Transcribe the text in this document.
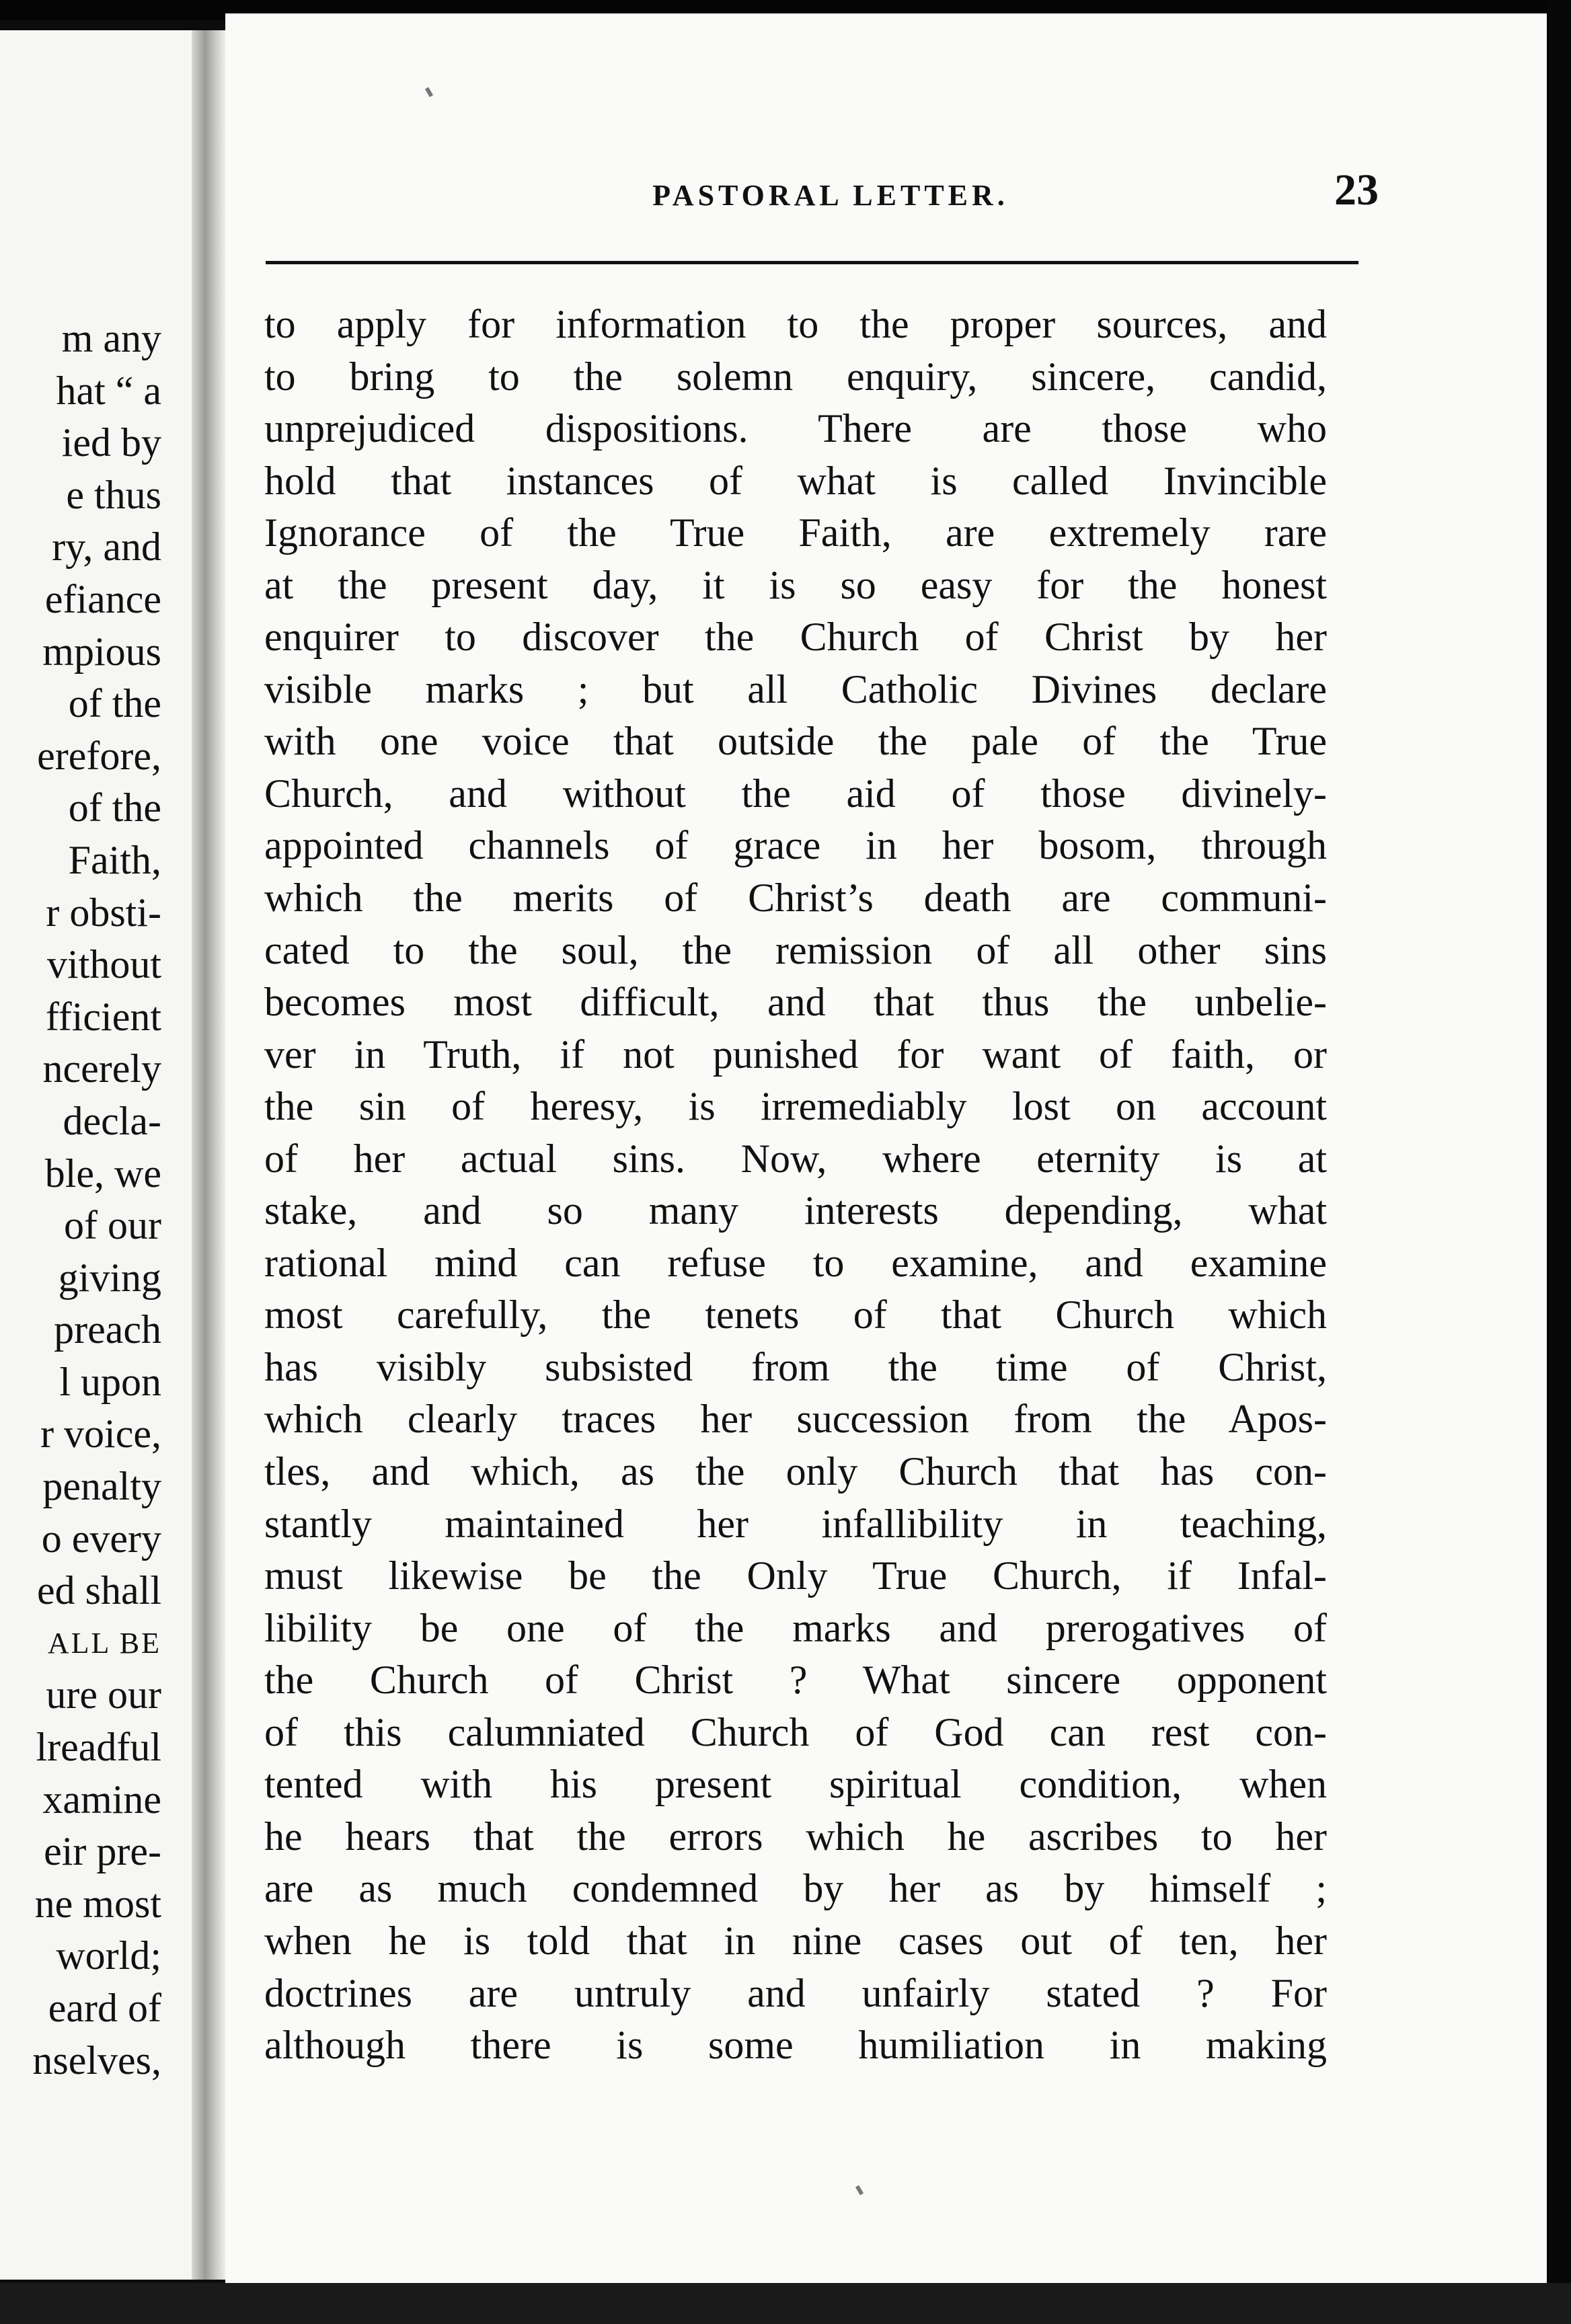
m any
hat “ a
ied by
e thus
ry, and
efiance
mpious
of the
erefore,
of the
Faith,
r obsti-
vithout
fficient
ncerely
decla-
ble, we
of our
giving
preach
l upon
r voice,
penalty
o every
ed shall
ALL BE
ure our
lreadful
xamine
eir pre-
ne most
world;
eard of
nselves,
PASTORAL LETTER.	23
to apply for information to the proper sources, and
to bring to the solemn enquiry, sincere, candid,
unprejudiced dispositions. There are those who
hold that instances of what is called Invincible
Ignorance of the True Faith, are extremely rare
at the present day, it is so easy for the honest
enquirer to discover the Church of Christ by her
visible marks ; but all Catholic Divines declare
with one voice that outside the pale of the True
Church, and without the aid of those divinely-
appointed channels of grace in her bosom, through
which the merits of Christ’s death are communi-
cated to the soul, the remission of all other sins
becomes most difficult, and that thus the unbelie-
ver in Truth, if not punished for want of faith, or
the sin of heresy, is irremediably lost on account
of her actual sins. Now, where eternity is at
stake, and so many interests depending, what
rational mind can refuse to examine, and examine
most carefully, the tenets of that Church which
has visibly subsisted from the time of Christ,
which clearly traces her succession from the Apos-
tles, and which, as the only Church that has con-
stantly maintained her infallibility in teaching,
must likewise be the Only True Church, if Infal-
libility be one of the marks and prerogatives of
the Church of Christ ? What sincere opponent
of this calumniated Church of God can rest con-
tented with his present spiritual condition, when
he hears that the errors which he ascribes to her
are as much condemned by her as by himself ;
when he is told that in nine cases out of ten, her
doctrines are untruly and unfairly stated ? For
although there is some humiliation in making
